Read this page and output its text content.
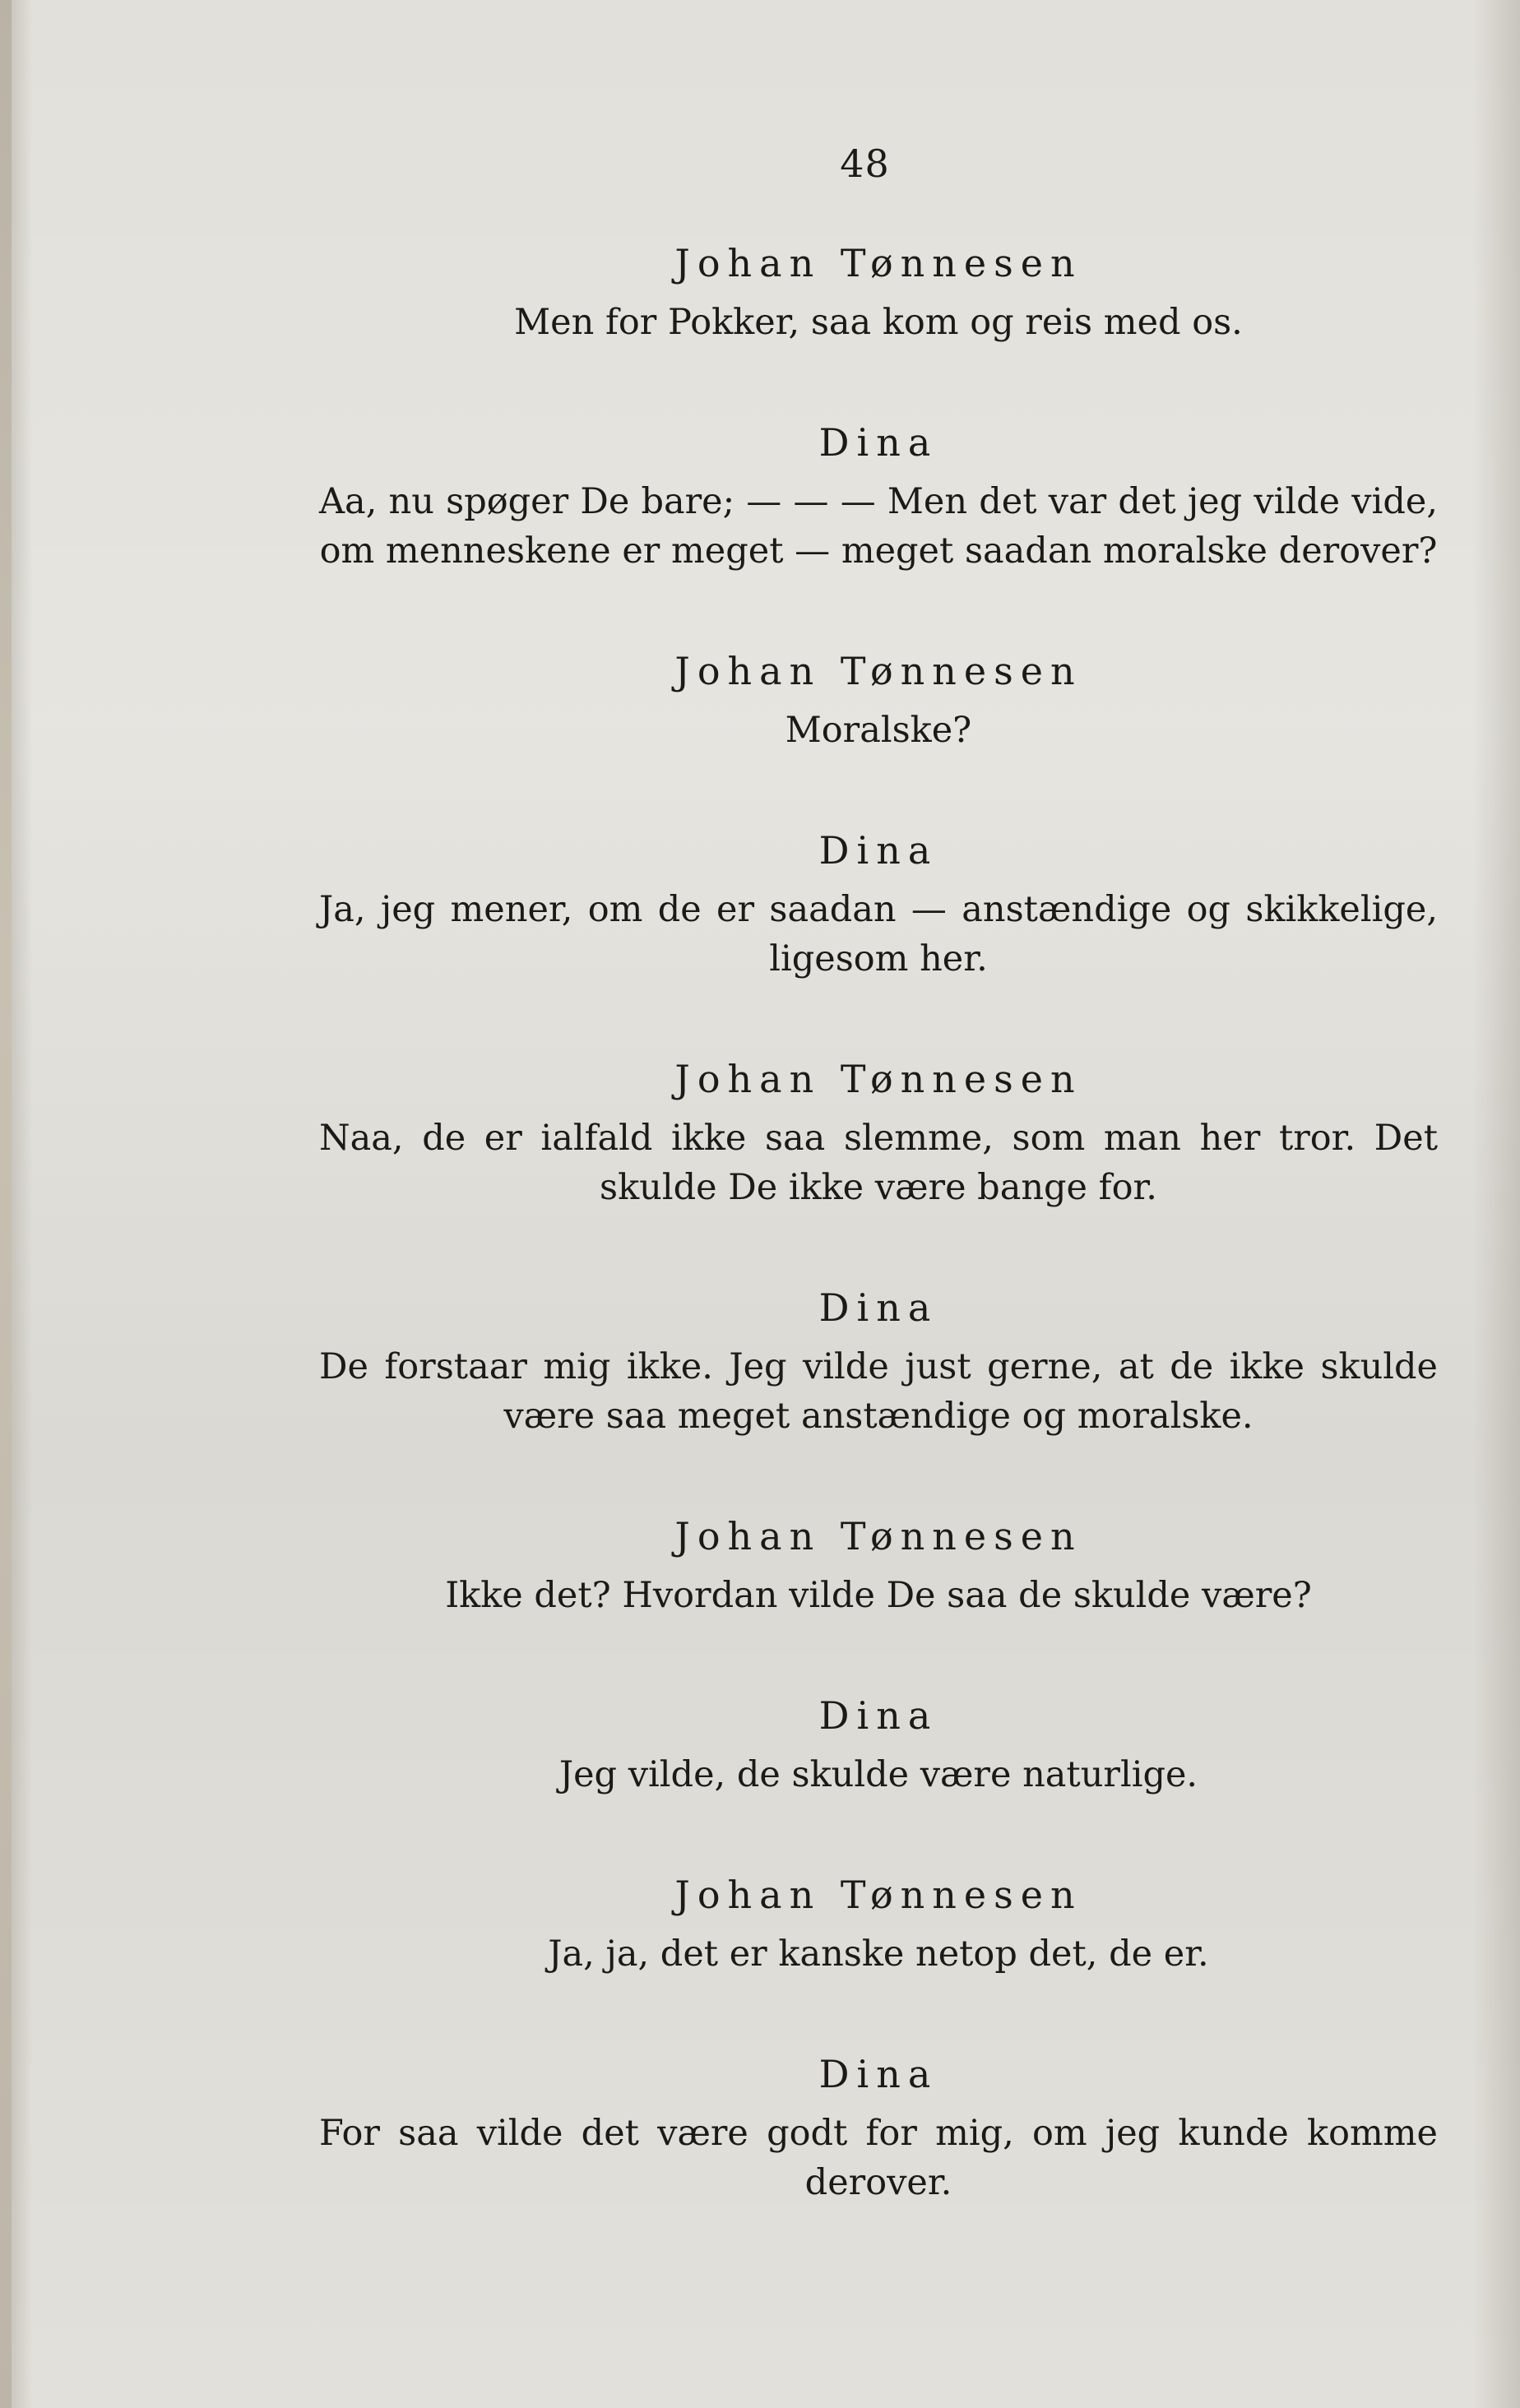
48

Johan Tønnesen

Men for Pokker, saa kom og reis med os.

Dina

Aa, nu spøger De bare; — — — Men det var det jeg vilde vide, om menneskene er meget — meget saadan moralske derover?

Johan Tønnesen

Moralske?

Dina

Ja, jeg mener, om de er saadan — anstændige og skikkelige, ligesom her.

Johan Tønnesen

Naa, de er ialfald ikke saa slemme, som man her tror. Det skulde De ikke være bange for.

Dina

De forstaar mig ikke. Jeg vilde just gerne, at de ikke skulde være saa meget anstændige og moralske.

Johan Tønnesen

Ikke det? Hvordan vilde De saa de skulde være?

Dina

Jeg vilde, de skulde være naturlige.

Johan Tønnesen

Ja, ja, det er kanske netop det, de er.

Dina

For saa vilde det være godt for mig, om jeg kunde komme derover.
